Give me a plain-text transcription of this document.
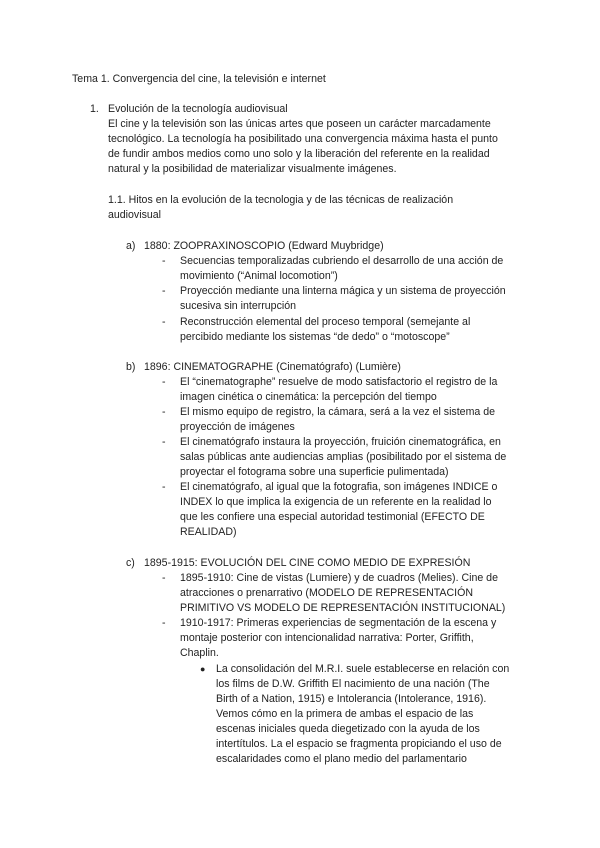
Tema 1. Convergencia del cine, la televisión e internet
1. Evolución de la tecnología audiovisual
El cine y la televisión son las únicas artes que poseen un carácter marcadamente
tecnológico. La tecnología ha posibilitado una convergencia máxima hasta el punto
de fundir ambos medios como uno solo y la liberación del referente en la realidad
natural y la posibilidad de materializar visualmente imágenes.
1.1. Hitos en la evolución de la tecnologia y de las técnicas de realización
audiovisual
a) 1880: ZOOPRAXINOSCOPIO (Edward Muybridge)
- Secuencias temporalizadas cubriendo el desarrollo de una acción de
movimiento (“Animal locomotion”)
- Proyección mediante una linterna mágica y un sistema de proyección
sucesiva sin interrupción
- Reconstrucción elemental del proceso temporal (semejante al
percibido mediante los sistemas “de dedo” o “motoscope”
b) 1896: CINEMATOGRAPHE (Cinematógrafo) (Lumière)
- El “cinematographe” resuelve de modo satisfactorio el registro de la
imagen cinética o cinemática: la percepción del tiempo
- El mismo equipo de registro, la cámara, será a la vez el sistema de
proyección de imágenes
- El cinematógrafo instaura la proyección, fruición cinematográfica, en
salas públicas ante audiencias amplias (posibilitado por el sistema de
proyectar el fotograma sobre una superficie pulimentada)
- El cinematógrafo, al igual que la fotografia, son imágenes INDICE o
INDEX lo que implica la exigencia de un referente en la realidad lo
que les confiere una especial autoridad testimonial (EFECTO DE
REALIDAD)
c) 1895-1915: EVOLUCIÓN DEL CINE COMO MEDIO DE EXPRESIÓN
- 1895-1910: Cine de vistas (Lumiere) y de cuadros (Melies). Cine de
atracciones o prenarrativo (MODELO DE REPRESENTACIÓN
PRIMITIVO VS MODELO DE REPRESENTACIÓN INSTITUCIONAL)
- 1910-1917: Primeras experiencias de segmentación de la escena y
montaje posterior con intencionalidad narrativa: Porter, Griffith,
Chaplin.
● La consolidación del M.R.I. suele establecerse en relación con
los films de D.W. Griffith El nacimiento de una nación (The
Birth of a Nation, 1915) e Intolerancia (Intolerance, 1916).
Vemos cómo en la primera de ambas el espacio de las
escenas iniciales queda diegetizado con la ayuda de los
intertítulos. La el espacio se fragmenta propiciando el uso de
escalaridades como el plano medio del parlamentario
